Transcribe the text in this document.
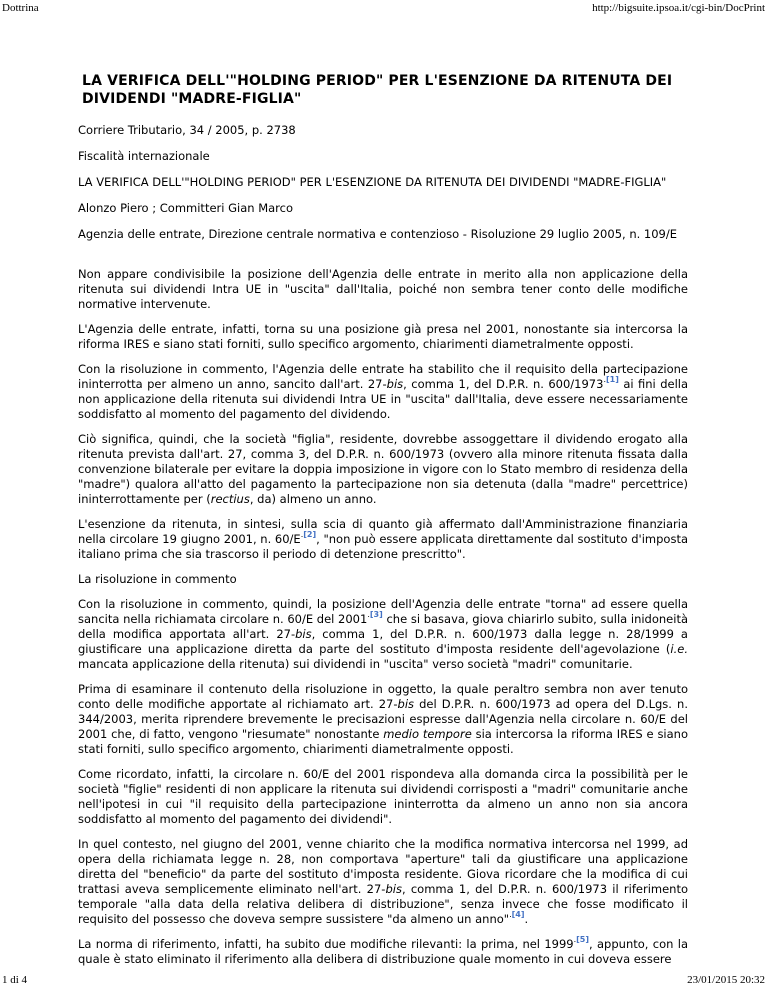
Dottrina	http://bigsuite.ipsoa.it/cgi-bin/DocPrint
LA VERIFICA DELL'"HOLDING PERIOD" PER L'ESENZIONE DA RITENUTA DEI DIVIDENDI "MADRE-FIGLIA"
Corriere Tributario, 34 / 2005, p. 2738
Fiscalità internazionale
LA VERIFICA DELL'"HOLDING PERIOD" PER L'ESENZIONE DA RITENUTA DEI DIVIDENDI "MADRE-FIGLIA"
Alonzo Piero ; Committeri Gian Marco
Agenzia delle entrate, Direzione centrale normativa e contenzioso - Risoluzione 29 luglio 2005, n. 109/E

Non appare condivisibile la posizione dell'Agenzia delle entrate in merito alla non applicazione della ritenuta sui dividendi Intra UE in "uscita" dall'Italia, poiché non sembra tener conto delle modifiche normative intervenute.

L'Agenzia delle entrate, infatti, torna su una posizione già presa nel 2001, nonostante sia intercorsa la riforma IRES e siano stati forniti, sullo specifico argomento, chiarimenti diametralmente opposti.

Con la risoluzione in commento, l'Agenzia delle entrate ha stabilito che il requisito della partecipazione ininterrotta per almeno un anno, sancito dall'art. 27-bis, comma 1, del D.P.R. n. 600/1973$^{.[1]}$ ai fini della non applicazione della ritenuta sui dividendi Intra UE in "uscita" dall'Italia, deve essere necessariamente soddisfatto al momento del pagamento del dividendo.

Ciò significa, quindi, che la società "figlia", residente, dovrebbe assoggettare il dividendo erogato alla ritenuta prevista dall'art. 27, comma 3, del D.P.R. n. 600/1973 (ovvero alla minore ritenuta fissata dalla convenzione bilaterale per evitare la doppia imposizione in vigore con lo Stato membro di residenza della "madre") qualora all'atto del pagamento la partecipazione non sia detenuta (dalla "madre" percettrice) ininterrottamente per (rectius, da) almeno un anno.

L'esenzione da ritenuta, in sintesi, sulla scia di quanto già affermato dall'Amministrazione finanziaria nella circolare 19 giugno 2001, n. 60/E$^{.[2]}$, "non può essere applicata direttamente dal sostituto d'imposta italiano prima che sia trascorso il periodo di detenzione prescritto".

La risoluzione in commento

Con la risoluzione in commento, quindi, la posizione dell'Agenzia delle entrate "torna" ad essere quella sancita nella richiamata circolare n. 60/E del 2001$^{.[3]}$ che si basava, giova chiarirlo subito, sulla inidoneità della modifica apportata all'art. 27-bis, comma 1, del D.P.R. n. 600/1973 dalla legge n. 28/1999 a giustificare una applicazione diretta da parte del sostituto d'imposta residente dell'agevolazione (i.e. mancata applicazione della ritenuta) sui dividendi in "uscita" verso società "madri" comunitarie.

Prima di esaminare il contenuto della risoluzione in oggetto, la quale peraltro sembra non aver tenuto conto delle modifiche apportate al richiamato art. 27-bis del D.P.R. n. 600/1973 ad opera del D.Lgs. n. 344/2003, merita riprendere brevemente le precisazioni espresse dall'Agenzia nella circolare n. 60/E del 2001 che, di fatto, vengono "riesumate" nonostante medio tempore sia intercorsa la riforma IRES e siano stati forniti, sullo specifico argomento, chiarimenti diametralmente opposti.

Come ricordato, infatti, la circolare n. 60/E del 2001 rispondeva alla domanda circa la possibilità per le società "figlie" residenti di non applicare la ritenuta sui dividendi corrisposti a "madri" comunitarie anche nell'ipotesi in cui "il requisito della partecipazione ininterrotta da almeno un anno non sia ancora soddisfatto al momento del pagamento dei dividendi".

In quel contesto, nel giugno del 2001, venne chiarito che la modifica normativa intercorsa nel 1999, ad opera della richiamata legge n. 28, non comportava "aperture" tali da giustificare una applicazione diretta del "beneficio" da parte del sostituto d'imposta residente. Giova ricordare che la modifica di cui trattasi aveva semplicemente eliminato nell'art. 27-bis, comma 1, del D.P.R. n. 600/1973 il riferimento temporale "alla data della relativa delibera di distribuzione", senza invece che fosse modificato il requisito del possesso che doveva sempre sussistere "da almeno un anno"$^{.[4]}$.

La norma di riferimento, infatti, ha subito due modifiche rilevanti: la prima, nel 1999$^{.[5]}$, appunto, con la quale è stato eliminato il riferimento alla delibera di distribuzione quale momento in cui doveva essere

1 di 4	23/01/2015 20:32
